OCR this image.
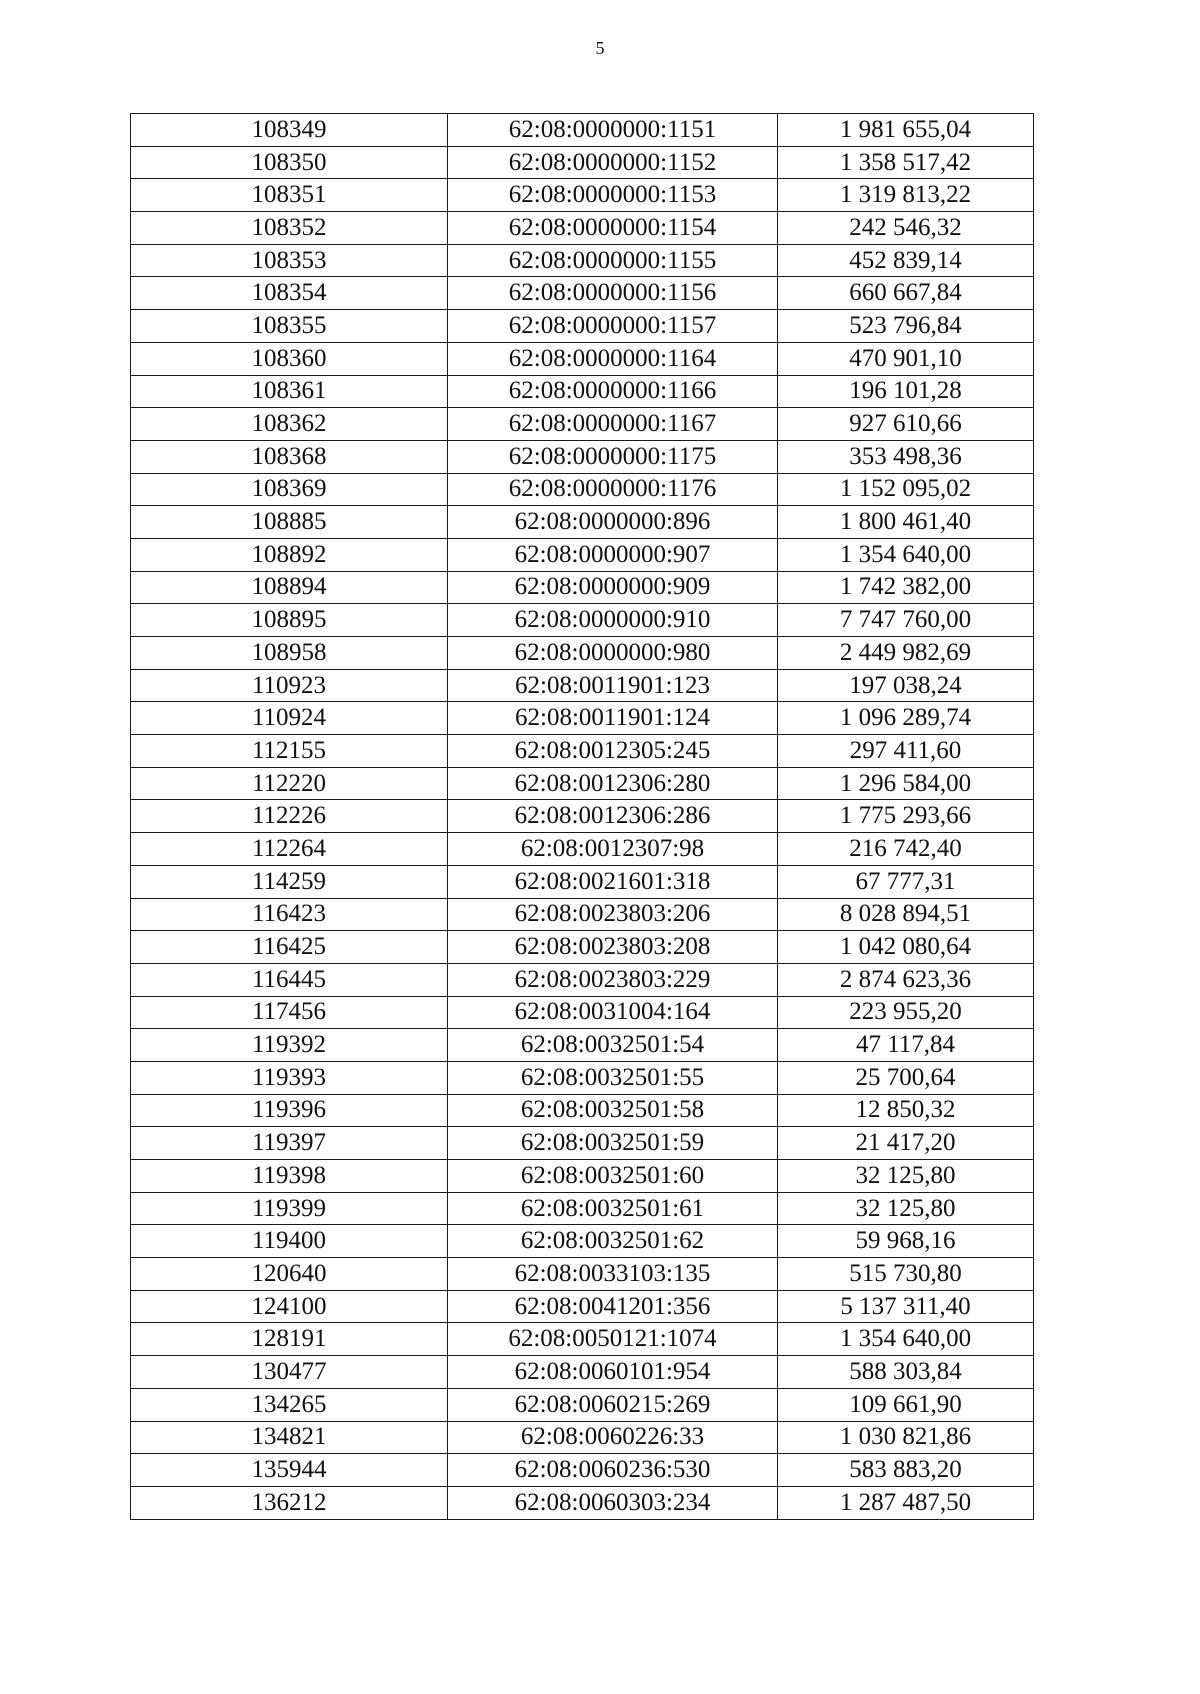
5
108349	62:08:0000000:1151	1 981 655,04
108350	62:08:0000000:1152	1 358 517,42
108351	62:08:0000000:1153	1 319 813,22
108352	62:08:0000000:1154	242 546,32
108353	62:08:0000000:1155	452 839,14
108354	62:08:0000000:1156	660 667,84
108355	62:08:0000000:1157	523 796,84
108360	62:08:0000000:1164	470 901,10
108361	62:08:0000000:1166	196 101,28
108362	62:08:0000000:1167	927 610,66
108368	62:08:0000000:1175	353 498,36
108369	62:08:0000000:1176	1 152 095,02
108885	62:08:0000000:896	1 800 461,40
108892	62:08:0000000:907	1 354 640,00
108894	62:08:0000000:909	1 742 382,00
108895	62:08:0000000:910	7 747 760,00
108958	62:08:0000000:980	2 449 982,69
110923	62:08:0011901:123	197 038,24
110924	62:08:0011901:124	1 096 289,74
112155	62:08:0012305:245	297 411,60
112220	62:08:0012306:280	1 296 584,00
112226	62:08:0012306:286	1 775 293,66
112264	62:08:0012307:98	216 742,40
114259	62:08:0021601:318	67 777,31
116423	62:08:0023803:206	8 028 894,51
116425	62:08:0023803:208	1 042 080,64
116445	62:08:0023803:229	2 874 623,36
117456	62:08:0031004:164	223 955,20
119392	62:08:0032501:54	47 117,84
119393	62:08:0032501:55	25 700,64
119396	62:08:0032501:58	12 850,32
119397	62:08:0032501:59	21 417,20
119398	62:08:0032501:60	32 125,80
119399	62:08:0032501:61	32 125,80
119400	62:08:0032501:62	59 968,16
120640	62:08:0033103:135	515 730,80
124100	62:08:0041201:356	5 137 311,40
128191	62:08:0050121:1074	1 354 640,00
130477	62:08:0060101:954	588 303,84
134265	62:08:0060215:269	109 661,90
134821	62:08:0060226:33	1 030 821,86
135944	62:08:0060236:530	583 883,20
136212	62:08:0060303:234	1 287 487,50
